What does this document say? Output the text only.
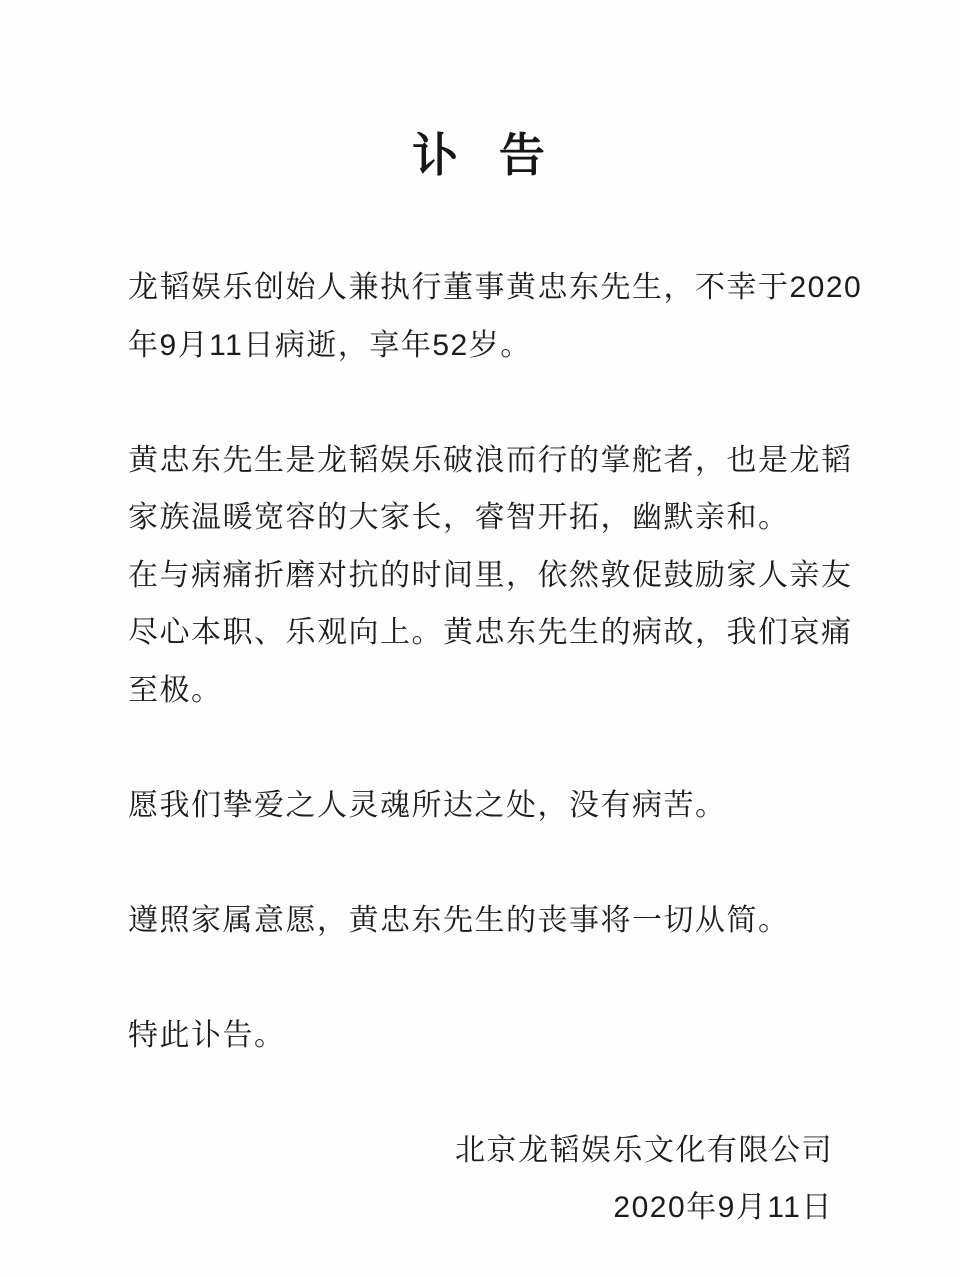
讣 告
龙韬娱乐创始人兼执行董事黄忠东先生，不幸于2020
年9月11日病逝，享年52岁。
黄忠东先生是龙韬娱乐破浪而行的掌舵者，也是龙韬
家族温暖宽容的大家长，睿智开拓，幽默亲和。
在与病痛折磨对抗的时间里，依然敦促鼓励家人亲友
尽心本职、乐观向上。黄忠东先生的病故，我们哀痛
至极。
愿我们挚爱之人灵魂所达之处，没有病苦。
遵照家属意愿，黄忠东先生的丧事将一切从简。
特此讣告。
北京龙韬娱乐文化有限公司
2020年9月11日
